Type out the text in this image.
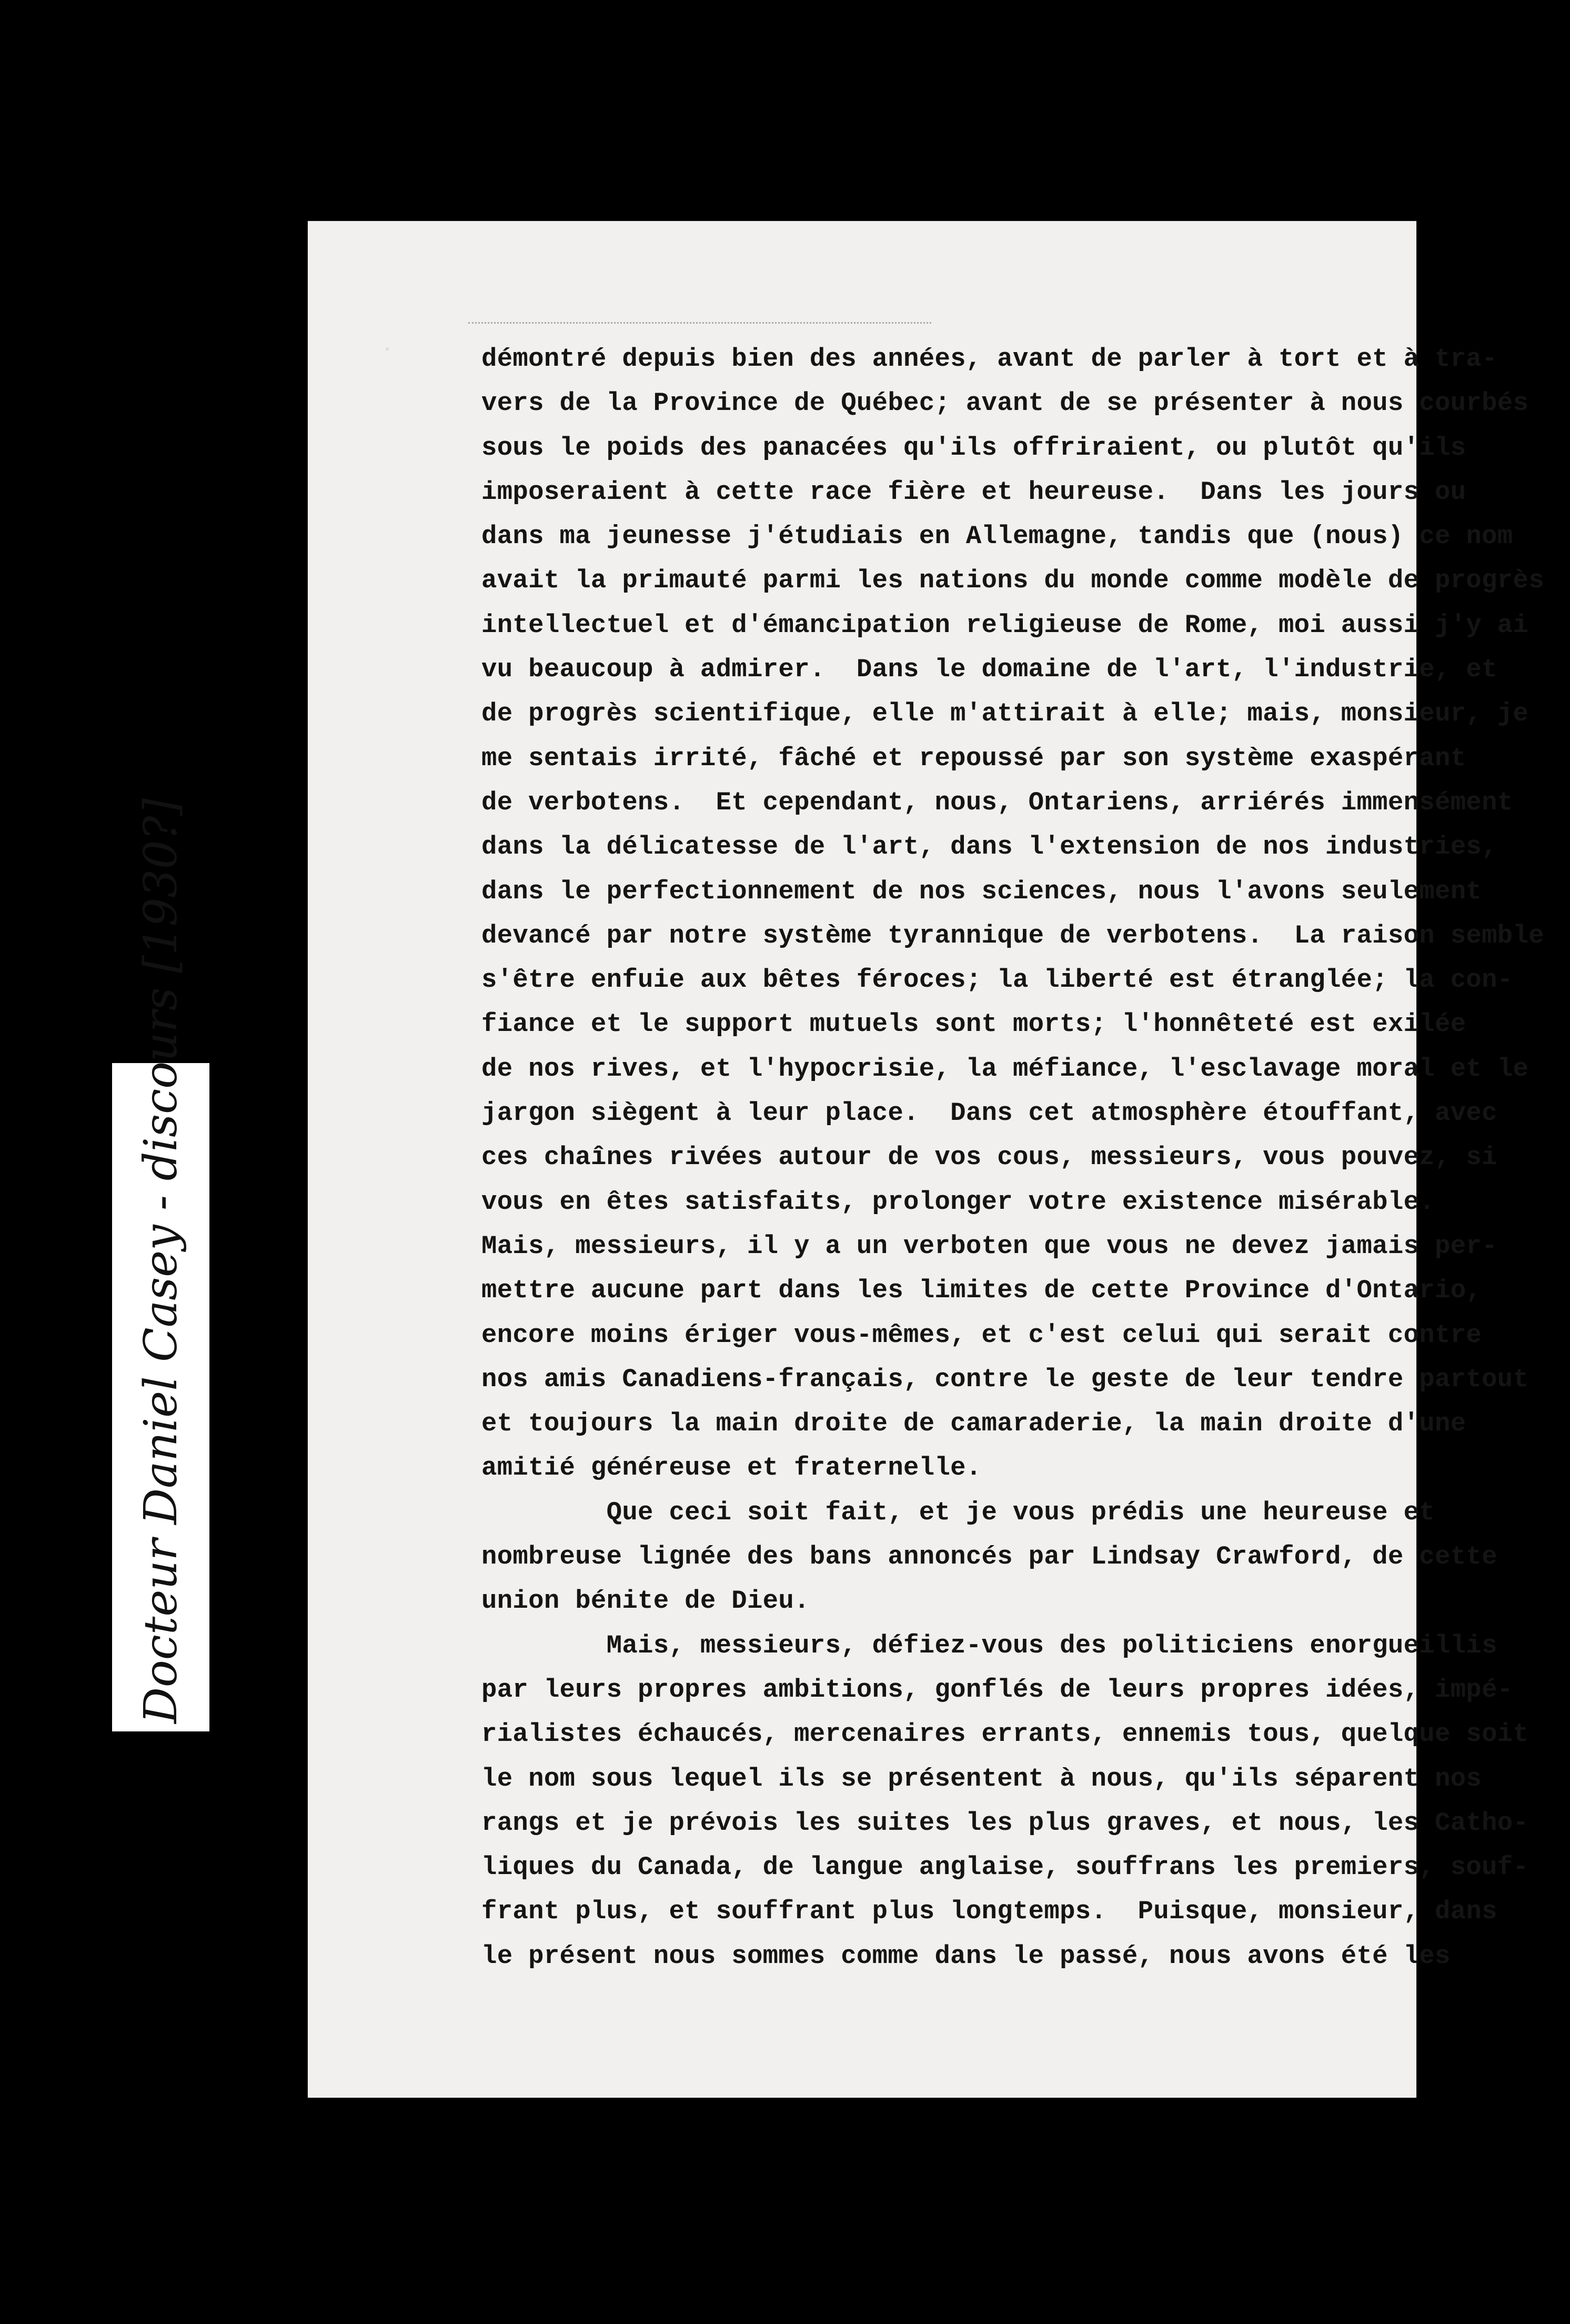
démontré depuis bien des années, avant de parler à tort et à tra-
vers de la Province de Québec; avant de se présenter à nous courbés
sous le poids des panacées qu'ils offriraient, ou plutôt qu'ils
imposeraient à cette race fière et heureuse.  Dans les jours ou
dans ma jeunesse j'étudiais en Allemagne, tandis que (nous) ce nom
avait la primauté parmi les nations du monde comme modèle de progrès
intellectuel et d'émancipation religieuse de Rome, moi aussi j'y ai
vu beaucoup à admirer.  Dans le domaine de l'art, l'industrie, et
de progrès scientifique, elle m'attirait à elle; mais, monsieur, je
me sentais irrité, fâché et repoussé par son système exaspérant
de verbotens.  Et cependant, nous, Ontariens, arriérés immensément
dans la délicatesse de l'art, dans l'extension de nos industries,
dans le perfectionnement de nos sciences, nous l'avons seulement
devancé par notre système tyrannique de verbotens.  La raison semble
s'être enfuie aux bêtes féroces; la liberté est étranglée; la con-
fiance et le support mutuels sont morts; l'honnêteté est exilée
de nos rives, et l'hypocrisie, la méfiance, l'esclavage moral et le
jargon siègent à leur place.  Dans cet atmosphère étouffant, avec
ces chaînes rivées autour de vos cous, messieurs, vous pouvez, si
vous en êtes satisfaits, prolonger votre existence misérable.
Mais, messieurs, il y a un verboten que vous ne devez jamais per-
mettre aucune part dans les limites de cette Province d'Ontario,
encore moins ériger vous-mêmes, et c'est celui qui serait contre
nos amis Canadiens-français, contre le geste de leur tendre partout
et toujours la main droite de camaraderie, la main droite d'une
amitié généreuse et fraternelle.
Que ceci soit fait, et je vous prédis une heureuse et
nombreuse lignée des bans annoncés par Lindsay Crawford, de cette
union bénite de Dieu.
Mais, messieurs, défiez-vous des politiciens enorgueillis
par leurs propres ambitions, gonflés de leurs propres idées, impé-
rialistes échaucés, mercenaires errants, ennemis tous, quelque soit
le nom sous lequel ils se présentent à nous, qu'ils séparent nos
rangs et je prévois les suites les plus graves, et nous, les Catho-
liques du Canada, de langue anglaise, souffrans les premiers, souf-
frant plus, et souffrant plus longtemps.  Puisque, monsieur, dans
le présent nous sommes comme dans le passé, nous avons été les
Docteur Daniel Casey - discours [1930?]
